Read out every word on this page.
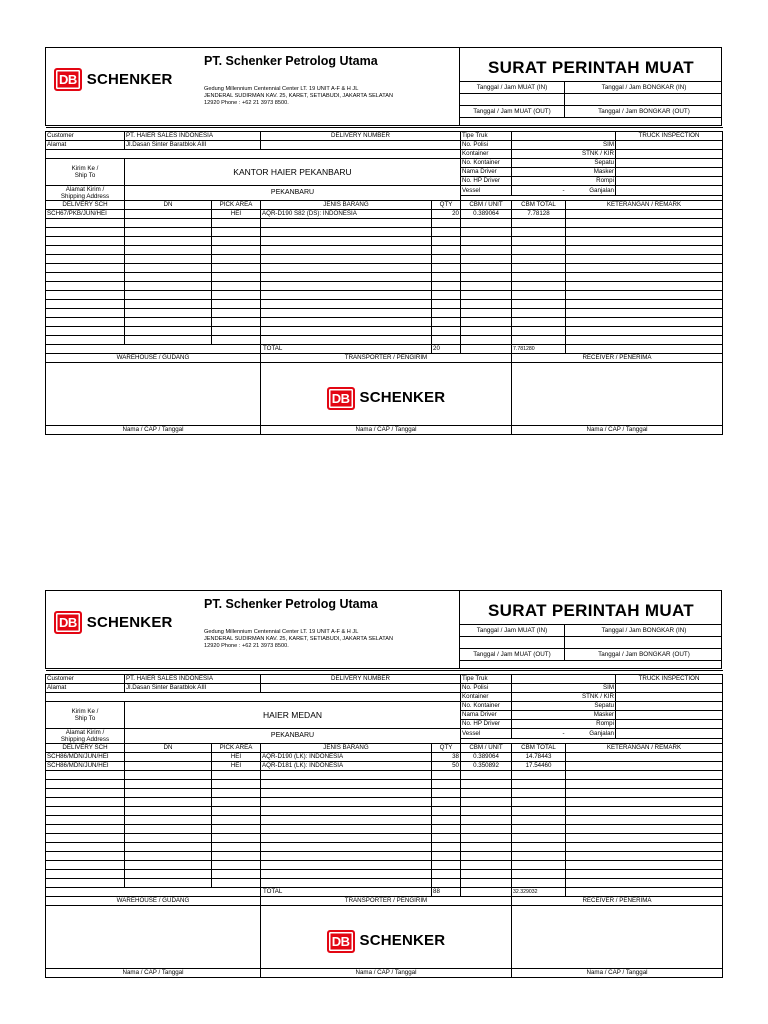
DB SCHENKER
PT. Schenker Petrolog Utama
Gedung Millennium Centennial Center LT. 19 UNIT A-F & H JL
JENDERAL SUDIRMAN KAV. 25, KARET, SETIABUDI, JAKARTA SELATAN
12920 Phone : +62 21 3973 8500.
SURAT PERINTAH MUAT
Tanggal / Jam MUAT (IN)	Tanggal / Jam BONGKAR (IN)
Tanggal / Jam MUAT (OUT)	Tanggal / Jam BONGKAR (OUT)

Customer	PT. HAIER SALES INDONESIA		DELIVERY NUMBER		Tipe Truk			TRUCK INSPECTION
Alamat	Jl.Dasan Sinter Baratblok AIII				No. Polisi	SIM		
					Kontainer	STNK / KIR		

Kirim Ke /
Ship To	KANTOR HAIER PEKANBARU				No. Kontainer	Sepatu		
					Nama Driver	Masker		
					No. HP Driver	Rompi		

Alamat Kirim /
Shipping Address	PEKANBARU				Vessel	-	Ganjalan	

DELIVERY SCH	DN	PICK AREA	JENIS BARANG	QTY	CBM / UNIT	CBM TOTAL	KETERANGAN / REMARK	
SCH67/PKB/JUN/HEI		HEI	AQR-D190 S82 (DS): INDONESIA	20	0.389064	7.78128		

			TOTAL	20		7.781280		
WAREHOUSE / GUDANG			TRANSPORTER / PENGIRIM			RECEIVER / PENERIMA		

			DB SCHENKER					

Nama / CAP / Tanggal			Nama / CAP / Tanggal			Nama / CAP / Tanggal		
DB SCHENKER
PT. Schenker Petrolog Utama
Gedung Millennium Centennial Center LT. 19 UNIT A-F & H JL
JENDERAL SUDIRMAN KAV. 25, KARET, SETIABUDI, JAKARTA SELATAN
12920 Phone : +62 21 3973 8500.
SURAT PERINTAH MUAT
Tanggal / Jam MUAT (IN)	Tanggal / Jam BONGKAR (IN)
Tanggal / Jam MUAT (OUT)	Tanggal / Jam BONGKAR (OUT)

Customer	PT. HAIER SALES INDONESIA		DELIVERY NUMBER		Tipe Truk			TRUCK INSPECTION
Alamat	Jl.Dasan Sinter Baratblok AIII				No. Polisi	SIM		
					Kontainer	STNK / KIR		

Kirim Ke /
Ship To	HAIER MEDAN				No. Kontainer	Sepatu		
					Nama Driver	Masker		
					No. HP Driver	Rompi		

Alamat Kirim /
Shipping Address	PEKANBARU				Vessel	-	Ganjalan	

DELIVERY SCH	DN	PICK AREA	JENIS BARANG	QTY	CBM / UNIT	CBM TOTAL	KETERANGAN / REMARK	
SCH86/MDN/JUN/HEI		HEI	AQR-D190 (LK): INDONESIA	38	0.389064	14.78443		
SCH86/MDN/JUN/HEI		HEI	AQR-D181 (LK): INDONESIA	50	0.350892	17.54460		

			TOTAL	88		32.329032		
WAREHOUSE / GUDANG			TRANSPORTER / PENGIRIM			RECEIVER / PENERIMA		

			DB SCHENKER					

Nama / CAP / Tanggal			Nama / CAP / Tanggal			Nama / CAP / Tanggal		
